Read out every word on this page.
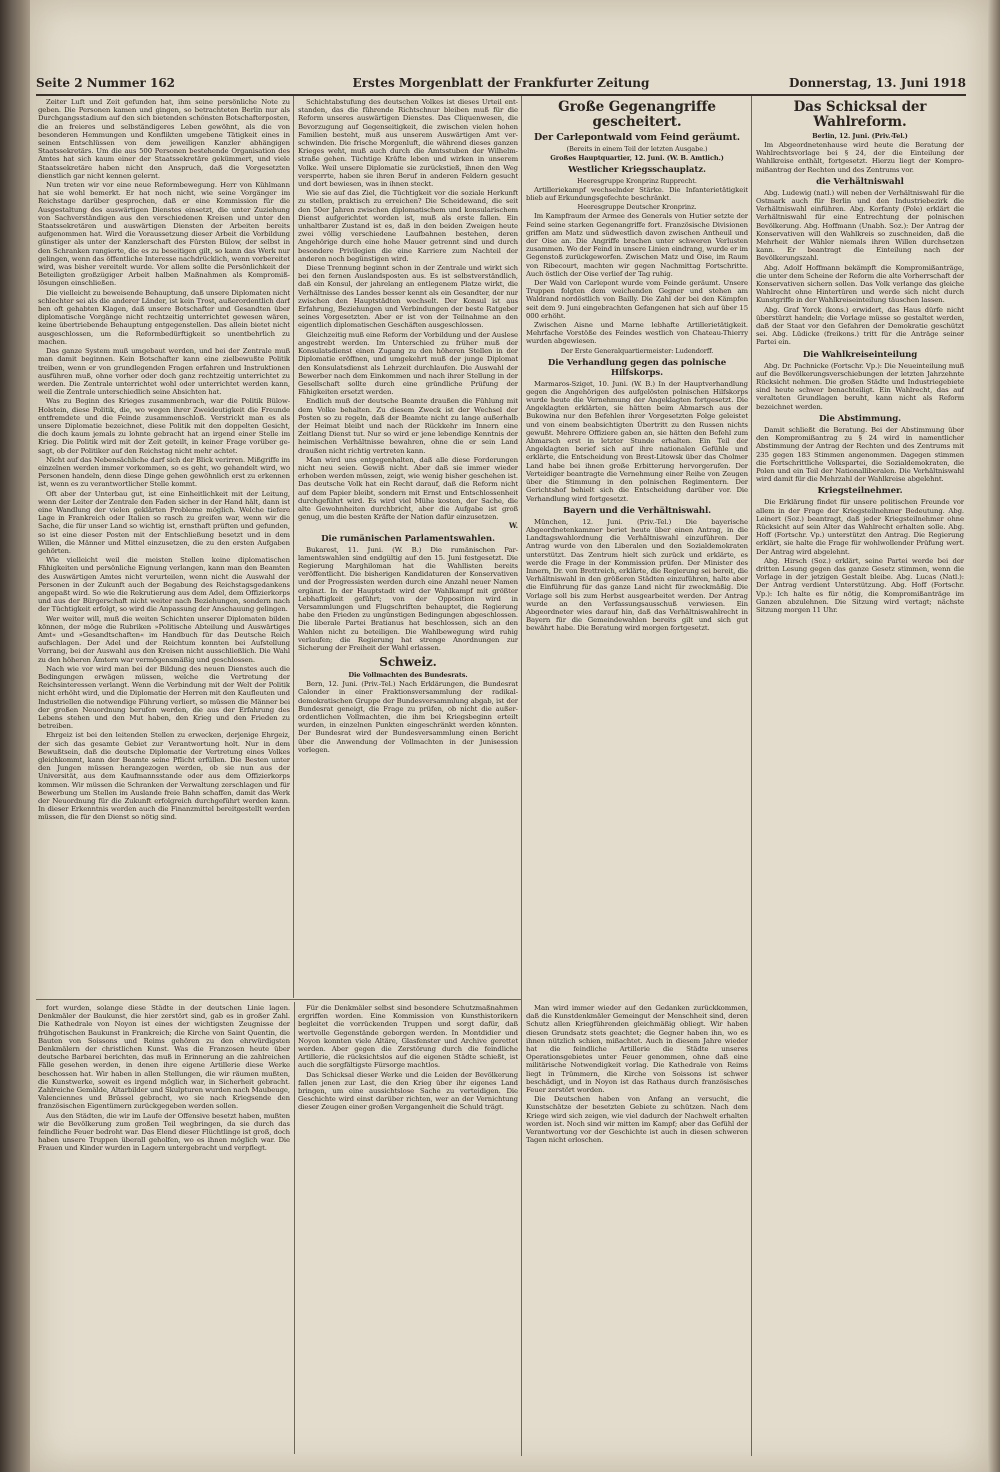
Seite 2 Nummer 162	Erstes Morgenblatt der Frankfurter Zeitung	Donnerstag, 13. Juni 1918

Zeiter Luft und Zeit gefunden hat, ihm seine persönliche Note zu geben. Die Personen kamen und gingen, so betrachteten Berlin nur als Durchgangsstadium auf den sich bietenden schönsten Botschafterposten, die an freieres und selbständigeres Leben gewöhnt, als die von besonderen Hemmungen und Konflikten umgebene Tätigkeit eines in seinen Entschlüssen von dem jeweiligen Kanzler abhängigen Staatssekretärs. Um die aus 500 Personen bestehende Organisation des Amtes hat sich kaum einer der Staatssekretäre gekümmert, und viele Staatssekretäre haben nicht den Anspruch, daß die Vorgesetzten dienstlich gar nicht kennen gelernt.

Nun treten wir vor eine neue Reformbewegung. Herr von Kühlmann hat sie wohl bemerkt. Er hat noch nicht, wie seine Vorgänger im Reichstage darüber gesprochen, daß er eine Kommission für die Ausgestaltung des auswärtigen Dienstes einsetzt, die unter Zuziehung von Sachverständigen aus den verschiedenen Kreisen und unter den Staatssekretären und auswärtigen Diensten der Arbeiten bereits aufgenommen hat. Wird die Voraussetzung dieser Arbeit die Vorbildung günstiger als unter der Kanzlerschaft des Fürsten Bülow, der selbst in den Schranken rangierte, die es zu beseitigen gilt, so kann das Werk nur gelingen, wenn das öffentliche Interesse nachdrücklich, wenn vorbereitet wird, was bisher vereitelt wurde. Vor allem sollte die Persönlichkeit der Beteiligten großzügiger Arbeit halben Maßnahmen als Kompromißlösungen einschließen.

Die vielleicht zu beweisende Behauptung, daß unsere Diplomaten nicht schlechter sei als die anderer Länder, ist kein Trost, außerordentlich darf ben oft gehabten Klagen, daß unsere Botschafter und Gesandten über diplomatische Vorgänge nicht rechtzeitig unterrichtet gewesen wären, keine übertriebende Behauptung entgegenstellen. Das allein bietet nicht ausgeschlossen, um die Reformbedürftigkeit so unentbehrlich zu machen.

Das ganze System muß umgebaut werden, und bei der Zentrale muß man damit beginnen. Kein Botschafter kann eine zielbewußte Politik treiben, wenn er von grundlegenden Fragen erfahren und Instruktionen ausführen muß, ohne vorher oder doch ganz rechtzeitig unterrichtet zu werden. Die Zentrale unterrichtet wohl oder unterrichtet werden kann, weil die Zentrale unterschiedlich seine Absichten hat.

Was zu Beginn des Krieges zusammenbrach, war die Politik Bülow-Holstein, diese Politik, die, wo wegen ihrer Zweideutigkeit die Freunde entfremdete und die Feinde zusammenschloß. Verstrickt man es als unsere Diplomatie bezeichnet, diese Politik mit den doppelten Gesicht, die doch kaum jemals zu lohnte gebracht hat an irgend einer Stelle im Krieg. Die Politik wird mit der Zeit geteilt, in keiner Frage vorüber gesagt, ob der Politiker auf den Reichstag nicht mehr achtet.

Nicht auf das Nebensächliche darf sich der Blick verirren. Mißgriffe im einzelnen werden immer vorkommen, so es geht, wo gehandelt wird, wo Personen handeln, denn diese Dinge gehen gewöhnlich erst zu erkennen ist, wenn es zu verantwortlicher Stelle kommt.

Oft aber der Unterbau gut, ist eine Einheitlichkeit mit der Leitung, wenn der Leiter der Zentrale den Faden sicher in der Hand hält, dann ist eine Wandlung der vielen geklärten Probleme möglich. Welche tiefere Lage in Frankreich oder Italien so rasch zu greifen war, wenn wir die Sache, die für unser Land so wichtig ist, ernsthaft prüften und gefunden, so ist eine dieser Posten mit der Entschließung besetzt und in dem Willen, die Männer und Mittel einzusetzen, die zu den ersten Aufgaben gehörten.

Wie vielleicht weil die meisten Stellen keine diplomatischen Fähigkeiten und persönliche Eignung verlangen, kann man den Beamten des Auswärtigen Amtes nicht verurteilen, wenn nicht die Auswahl der Personen in der Zukunft auch der Begabung des Reichstagsgedankens angepaßt wird. So wie die Rekrutierung aus dem Adel, dem Offizierkorps und aus der Bürgerschaft nicht weiter nach Beziehungen, sondern nach der Tüchtigkeit erfolgt, so wird die Anpassung der Anschauung gelingen.

Wer weiter will, muß die weiten Schichten unserer Diplomaten bilden können, der möge die Rubriken »Politische Abteilung und Auswärtiges Amt« und »Gesandtschaften« im Handbuch für das Deutsche Reich aufschlagen. Der Adel und der Reichtum konnten bei Aufstellung Vorrang, bei der Auswahl aus den Kreisen nicht ausschließlich. Die Wahl zu den höheren Ämtern war vermögensmäßig und geschlossen.

Nach wie vor wird man bei der Bildung des neuen Dienstes auch die Bedingungen erwägen müssen, welche die Vertretung der Reichsinteressen verlangt. Wenn die Verbindung mit der Welt der Politik nicht erhöht wird, und die Diplomatie der Herren mit den Kaufleuten und Industriellen die notwendige Führung verliert, so müssen die Männer bei der großen Neuordnung berufen werden, die aus der Erfahrung des Lebens stehen und den Mut haben, den Krieg und den Frieden zu betreiben.

Ehrgeiz ist bei den leitenden Stellen zu erwecken, derjenige Ehrgeiz, der sich das gesamte Gebiet zur Verantwortung holt. Nur in dem Bewußtsein, daß die deutsche Diplomatie der Vertretung eines Volkes gleichkommt, kann der Beamte seine Pflicht erfüllen. Die Besten unter den Jungen müssen herangezogen werden, ob sie nun aus der Universität, aus dem Kaufmannsstande oder aus dem Offizierkorps kommen. Wir müssen die Schranken der Verwaltung zerschlagen und für Bewerbung um Stellen im Auslande freie Bahn schaffen, damit das Werk der Neuordnung für die Zukunft erfolgreich durchgeführt werden kann. In dieser Erkenntnis werden auch die Finanzmittel bereitgestellt werden müssen, die für den Dienst so nötig sind.

Schichtabstufung des deutschen Volkes ist dieses Urteil entstanden, das die führende Richtschnur bleiben muß für die Reform unseres auswärtigen Dienstes. Das Cliquenwesen, die Bevorzugung auf Gegenseitigkeit, die zwischen vielen hohen Familien besteht, muß aus unserem Auswärtigen Amt verschwinden. Die frische Morgenluft, die während dieses ganzen Krieges weht, muß auch durch die Amtsstuben der Wilhelmstraße gehen. Tüchtige Kräfte leben und wirken in unserem Volke. Weil unsere Diplomatie sie zurückstieß, ihnen den Weg versperrte, haben sie ihren Beruf in anderen Feldern gesucht und dort bewiesen, was in ihnen steckt.

Wie sie auf das Ziel, die Tüchtigkeit vor die soziale Herkunft zu stellen, praktisch zu erreichen? Die Scheidewand, die seit den 50er Jahren zwischen diplomatischem und konsularischem Dienst aufgerichtet worden ist, muß als erste fallen. Ein unhaltbarer Zustand ist es, daß in den beiden Zweigen heute zwei völlig verschiedene Laufbahnen bestehen, deren Angehörige durch eine hohe Mauer getrennt sind und durch besondere Privilegien die eine Karriere zum Nachteil der anderen noch begünstigen wird.

Diese Trennung beginnt schon in der Zentrale und wirkt sich bei den fernen Auslandsposten aus. Es ist selbstverständlich, daß ein Konsul, der jahrelang an entlegenem Platze wirkt, die Verhältnisse des Landes besser kennt als ein Gesandter, der nur zwischen den Hauptstädten wechselt. Der Konsul ist aus Erfahrung, Beziehungen und Verbindungen der beste Ratgeber seines Vorgesetzten. Aber er ist von der Teilnahme an den eigentlich diplomatischen Geschäften ausgeschlossen.

Gleichzeitig muß eine Reform der Vorbildung und der Auslese angestrebt werden. Im Unterschied zu früher muß der Konsulatsdienst einen Zugang zu den höheren Stellen in der Diplomatie eröffnen, und umgekehrt muß der junge Diplomat den Konsulatsdienst als Lehrzeit durchlaufen. Die Auswahl der Bewerber nach dem Einkommen und nach ihrer Stellung in der Gesellschaft sollte durch eine gründliche Prüfung der Fähigkeiten ersetzt werden.

Endlich muß der deutsche Beamte draußen die Fühlung mit dem Volke behalten. Zu diesem Zweck ist der Wechsel der Posten so zu regeln, daß der Beamte nicht zu lange außerhalb der Heimat bleibt und nach der Rückkehr im Innern eine Zeitlang Dienst tut. Nur so wird er jene lebendige Kenntnis der heimischen Verhältnisse bewahren, ohne die er sein Land draußen nicht richtig vertreten kann.

Man wird uns entgegenhalten, daß alle diese Forderungen nicht neu seien. Gewiß nicht. Aber daß sie immer wieder erhoben werden müssen, zeigt, wie wenig bisher geschehen ist. Das deutsche Volk hat ein Recht darauf, daß die Reform nicht auf dem Papier bleibt, sondern mit Ernst und Entschlossenheit durchgeführt wird. Es wird viel Mühe kosten, der Sache, die alte Gewohnheiten durchbricht, aber die Aufgabe ist groß genug, um die besten Kräfte der Nation dafür einzusetzen.

W.
Die rumänischen Parlamentswahlen.

Bukarest, 11. Juni. (W. B.) Die rumänischen Parlamentswahlen sind endgültig auf den 15. Juni festgesetzt. Die Regierung Marghiloman hat die Wahllisten bereits veröffentlicht. Die bisherigen Kandidaturen der Konservativen und der Progressisten werden durch eine Anzahl neuer Namen ergänzt. In der Hauptstadt wird der Wahlkampf mit größter Lebhaftigkeit geführt; von der Opposition wird in Versammlungen und Flugschriften behauptet, die Regierung habe den Frieden zu ungünstigen Bedingungen abgeschlossen. Die liberale Partei Bratianus hat beschlossen, sich an den Wahlen nicht zu beteiligen. Die Wahlbewegung wird ruhig verlaufen; die Regierung hat strenge Anordnungen zur Sicherung der Freiheit der Wahl erlassen.

Schweiz.
Die Vollmachten des Bundesrats.

Bern, 12. Juni. (Priv.-Tel.) Nach Erklärungen, die Bundesrat Calonder in einer Fraktionsversammlung der radikal-demokratischen Gruppe der Bundesversammlung abgab, ist der Bundesrat geneigt, die Frage zu prüfen, ob nicht die außerordentlichen Vollmachten, die ihm bei Kriegsbeginn erteilt wurden, in einzelnen Punkten eingeschränkt werden könnten. Der Bundesrat wird der Bundesversammlung einen Bericht über die Anwendung der Vollmachten in der Junisession vorlegen.

Große Gegenangriffe gescheitert.
Der Carlepontwald vom Feind geräumt.
(Bereits in einem Teil der letzten Ausgabe.)
Großes Hauptquartier, 12. Juni. (W. B. Amtlich.)
Westlicher Kriegsschauplatz.
Heeresgruppe Kronprinz Rupprecht.

Artilleriekampf wechselnder Stärke. Die Infanterietätigkeit blieb auf Erkundungsgefechte beschränkt.

Heeresgruppe Deutscher Kronprinz.

Im Kampfraum der Armee des Generals von Hutier setzte der Feind seine starken Gegenangriffe fort. Französische Divisionen griffen am Matz und südwestlich davon zwischen Antheuil und der Oise an. Die Angriffe brachen unter schweren Verlusten zusammen. Wo der Feind in unsere Linien eindrang, wurde er im Gegenstoß zurückgeworfen. Zwischen Matz und Oise, im Raum von Ribecourt, machten wir gegen Nachmittag Fortschritte. Auch östlich der Oise verlief der Tag ruhig.

Der Wald von Carlepont wurde vom Feinde geräumt. Unsere Truppen folgten dem weichenden Gegner und stehen am Waldrand nordöstlich von Bailly. Die Zahl der bei den Kämpfen seit dem 9. Juni eingebrachten Gefangenen hat sich auf über 15 000 erhöht.

Zwischen Aisne und Marne lebhafte Artillerietätigkeit. Mehrfache Vorstöße des Feindes westlich von Chateau-Thierry wurden abgewiesen.

Der Erste Generalquartiermeister: Ludendorff.
Die Verhandlung gegen das polnische Hilfskorps.

Marmaros-Sziget, 10. Juni. (W. B.) In der Hauptverhandlung gegen die Angehörigen des aufgelösten polnischen Hilfskorps wurde heute die Vernehmung der Angeklagten fortgesetzt. Die Angeklagten erklärten, sie hätten beim Abmarsch aus der Bukowina nur den Befehlen ihrer Vorgesetzten Folge geleistet und von einem beabsichtigten Übertritt zu den Russen nichts gewußt. Mehrere Offiziere gaben an, sie hätten den Befehl zum Abmarsch erst in letzter Stunde erhalten. Ein Teil der Angeklagten berief sich auf ihre nationalen Gefühle und erklärte, die Entscheidung von Brest-Litowsk über das Cholmer Land habe bei ihnen große Erbitterung hervorgerufen. Der Verteidiger beantragte die Vernehmung einer Reihe von Zeugen über die Stimmung in den polnischen Regimentern. Der Gerichtshof behielt sich die Entscheidung darüber vor. Die Verhandlung wird fortgesetzt.

Bayern und die Verhältniswahl.

München, 12. Juni. (Priv.-Tel.) Die bayerische Abgeordnetenkammer beriet heute über einen Antrag, in die Landtagswahlordnung die Verhältniswahl einzuführen. Der Antrag wurde von den Liberalen und den Sozialdemokraten unterstützt. Das Zentrum hielt sich zurück und erklärte, es werde die Frage in der Kommission prüfen. Der Minister des Innern, Dr. von Brettreich, erklärte, die Regierung sei bereit, die Verhältniswahl in den größeren Städten einzuführen, halte aber die Einführung für das ganze Land nicht für zweckmäßig. Die Vorlage soll bis zum Herbst ausgearbeitet werden. Der Antrag wurde an den Verfassungsausschuß verwiesen. Ein Abgeordneter wies darauf hin, daß das Verhältniswahlrecht in Bayern für die Gemeindewahlen bereits gilt und sich gut bewährt habe. Die Beratung wird morgen fortgesetzt.

Das Schicksal der Wahlreform.
Berlin, 12. Juni. (Priv.-Tel.)

Im Abgeordnetenhause wird heute die Beratung der Wahlrechtsvorlage bei § 24, der die Einteilung der Wahlkreise enthält, fortgesetzt. Hierzu liegt der Kompromißantrag der Rechten und des Zentrums vor.

die Verhältniswahl

Abg. Ludewig (natl.) will neben der Verhältniswahl für die Ostmark auch für Berlin und den Industriebezirk die Verhältniswahl einführen. Abg. Korfanty (Pole) erklärt die Verhältniswahl für eine Entrechtung der polnischen Bevölkerung. Abg. Hoffmann (Unabh. Soz.): Der Antrag der Konservativen will den Wahlkreis so zuschneiden, daß die Mehrheit der Wähler niemals ihren Willen durchsetzen kann. Er beantragt die Einteilung nach der Bevölkerungszahl.

Abg. Adolf Hoffmann bekämpft die Kompromißanträge, die unter dem Scheine der Reform die alte Vorherrschaft der Konservativen sichern sollen. Das Volk verlange das gleiche Wahlrecht ohne Hintertüren und werde sich nicht durch Kunstgriffe in der Wahlkreiseinteilung täuschen lassen.

Abg. Graf Yorck (kons.) erwidert, das Haus dürfe nicht überstürzt handeln; die Vorlage müsse so gestaltet werden, daß der Staat vor den Gefahren der Demokratie geschützt sei. Abg. Lüdicke (freikons.) tritt für die Anträge seiner Partei ein.

Die Wahlkreiseinteilung

Abg. Dr. Pachnicke (Fortschr. Vp.): Die Neueinteilung muß auf die Bevölkerungsverschiebungen der letzten Jahrzehnte Rücksicht nehmen. Die großen Städte und Industriegebiete sind heute schwer benachteiligt. Ein Wahlrecht, das auf veralteten Grundlagen beruht, kann nicht als Reform bezeichnet werden.

Die Abstimmung.

Damit schließt die Beratung. Bei der Abstimmung über den Kompromißantrag zu § 24 wird in namentlicher Abstimmung der Antrag der Rechten und des Zentrums mit 235 gegen 183 Stimmen angenommen. Dagegen stimmen die Fortschrittliche Volkspartei, die Sozialdemokraten, die Polen und ein Teil der Nationalliberalen. Die Verhältniswahl wird damit für die Mehrzahl der Wahlkreise abgelehnt.

Kriegsteilnehmer.

Die Erklärung findet für unsere politischen Freunde vor allem in der Frage der Kriegsteilnehmer Bedeutung. Abg. Leinert (Soz.) beantragt, daß jeder Kriegsteilnehmer ohne Rücksicht auf sein Alter das Wahlrecht erhalten solle. Abg. Hoff (Fortschr. Vp.) unterstützt den Antrag. Die Regierung erklärt, sie halte die Frage für wohlwollender Prüfung wert. Der Antrag wird abgelehnt.

Abg. Hirsch (Soz.) erklärt, seine Partei werde bei der dritten Lesung gegen das ganze Gesetz stimmen, wenn die Vorlage in der jetzigen Gestalt bleibe. Abg. Lucas (Natl.): Der Antrag verdient Unterstützung. Abg. Hoff (Fortschr. Vp.): Ich halte es für nötig, die Kompromißanträge im Ganzen abzulehnen. Die Sitzung wird vertagt; nächste Sitzung morgen 11 Uhr.

fort wurden, solange diese Städte in der deutschen Linie lagen. Denkmäler der Baukunst, die hier zerstört sind, gab es in großer Zahl. Die Kathedrale von Noyon ist eines der wichtigsten Zeugnisse der frühgotischen Baukunst in Frankreich; die Kirche von Saint Quentin, die Bauten von Soissons und Reims gehören zu den ehrwürdigsten Denkmälern der christlichen Kunst. Was die Franzosen heute über deutsche Barbarei berichten, das muß in Erinnerung an die zahlreichen Fälle gesehen werden, in denen ihre eigene Artillerie diese Werke beschossen hat. Wir haben in allen Stellungen, die wir räumen mußten, die Kunstwerke, soweit es irgend möglich war, in Sicherheit gebracht. Zahlreiche Gemälde, Altarbilder und Skulpturen wurden nach Maubeuge, Valenciennes und Brüssel gebracht, wo sie nach Kriegsende den französischen Eigentümern zurückgegeben werden sollen.

Aus den Städten, die wir im Laufe der Offensive besetzt haben, mußten wir die Bevölkerung zum großen Teil wegbringen, da sie durch das feindliche Feuer bedroht war. Das Elend dieser Flüchtlinge ist groß, doch haben unsere Truppen überall geholfen, wo es ihnen möglich war. Die Frauen und Kinder wurden in Lagern untergebracht und verpflegt.

Für die Denkmäler selbst sind besondere Schutzmaßnahmen ergriffen worden. Eine Kommission von Kunsthistorikern begleitet die vorrückenden Truppen und sorgt dafür, daß wertvolle Gegenstände geborgen werden. In Montdidier und Noyon konnten viele Altäre, Glasfenster und Archive gerettet werden. Aber gegen die Zerstörung durch die feindliche Artillerie, die rücksichtslos auf die eigenen Städte schießt, ist auch die sorgfältigste Fürsorge machtlos.

Das Schicksal dieser Werke und die Leiden der Bevölkerung fallen jenen zur Last, die den Krieg über ihr eigenes Land bringen, um eine aussichtslose Sache zu verteidigen. Die Geschichte wird einst darüber richten, wer an der Vernichtung dieser Zeugen einer großen Vergangenheit die Schuld trägt.

Man wird immer wieder auf den Gedanken zurückkommen, daß die Kunstdenkmäler Gemeingut der Menschheit sind, deren Schutz allen Kriegführenden gleichmäßig obliegt. Wir haben diesen Grundsatz stets geachtet; die Gegner haben ihn, wo es ihnen nützlich schien, mißachtet. Auch in diesem Jahre wieder hat die feindliche Artillerie die Städte unseres Operationsgebietes unter Feuer genommen, ohne daß eine militärische Notwendigkeit vorlag. Die Kathedrale von Reims liegt in Trümmern, die Kirche von Soissons ist schwer beschädigt, und in Noyon ist das Rathaus durch französisches Feuer zerstört worden.

Die Deutschen haben von Anfang an versucht, die Kunstschätze der besetzten Gebiete zu schützen. Nach dem Kriege wird sich zeigen, wie viel dadurch der Nachwelt erhalten worden ist. Noch sind wir mitten im Kampf; aber das Gefühl der Verantwortung vor der Geschichte ist auch in diesen schweren Tagen nicht erloschen.
